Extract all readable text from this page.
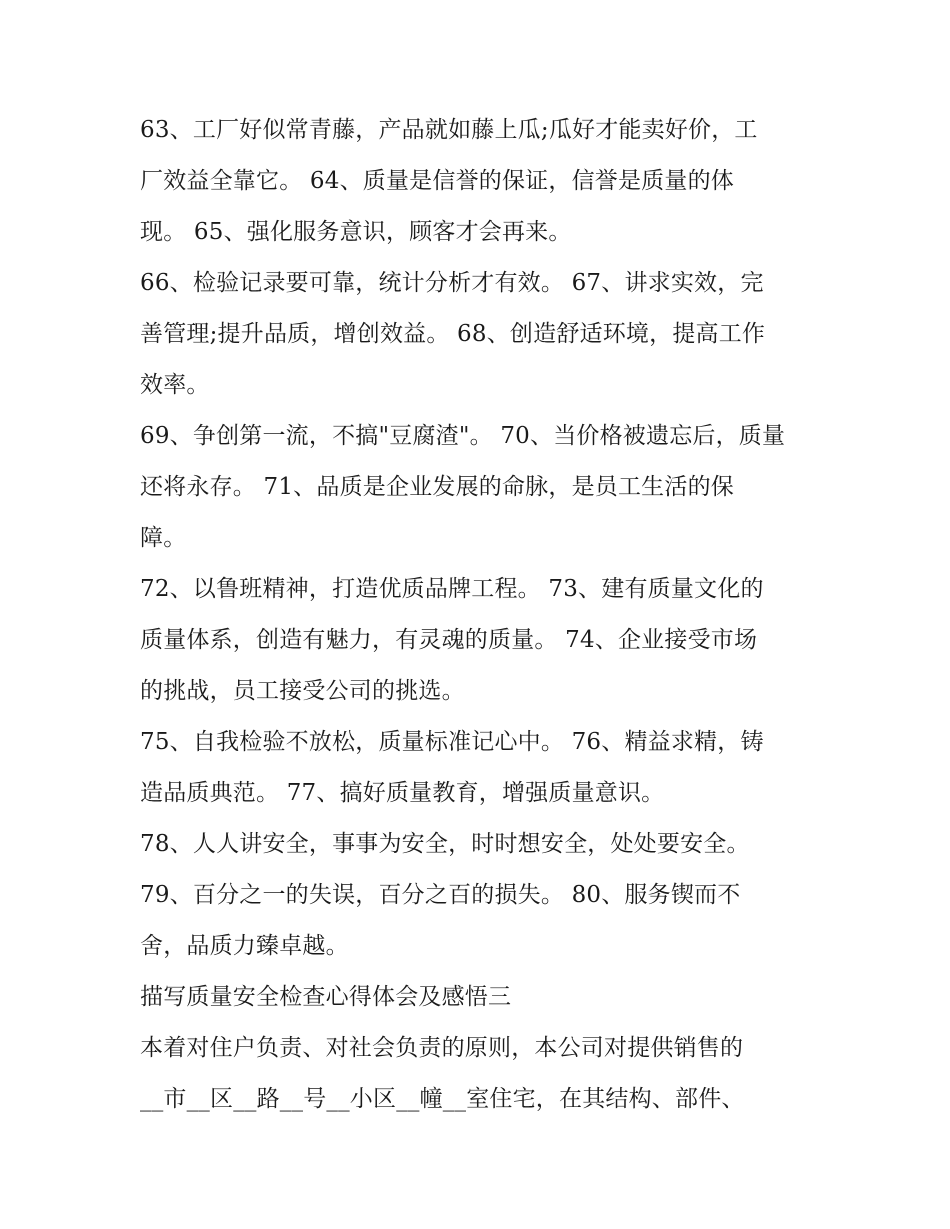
63、工厂好似常青藤，产品就如藤上瓜;瓜好才能卖好价，工
厂效益全靠它。 64、质量是信誉的保证，信誉是质量的体
现。 65、强化服务意识，顾客才会再来。
66、检验记录要可靠，统计分析才有效。 67、讲求实效，完
善管理;提升品质，增创效益。 68、创造舒适环境，提高工作
效率。
69、争创第一流，不搞"豆腐渣"。 70、当价格被遗忘后，质量
还将永存。 71、品质是企业发展的命脉，是员工生活的保
障。
72、以鲁班精神，打造优质品牌工程。 73、建有质量文化的
质量体系，创造有魅力，有灵魂的质量。 74、企业接受市场
的挑战，员工接受公司的挑选。
75、自我检验不放松，质量标准记心中。 76、精益求精，铸
造品质典范。 77、搞好质量教育，增强质量意识。
78、人人讲安全，事事为安全，时时想安全，处处要安全。
79、百分之一的失误，百分之百的损失。 80、服务锲而不
舍，品质力臻卓越。
描写质量安全检查心得体会及感悟三
本着对住户负责、对社会负责的原则，本公司对提供销售的
__市__区__路__号__小区__幢__室住宅，在其结构、部件、
